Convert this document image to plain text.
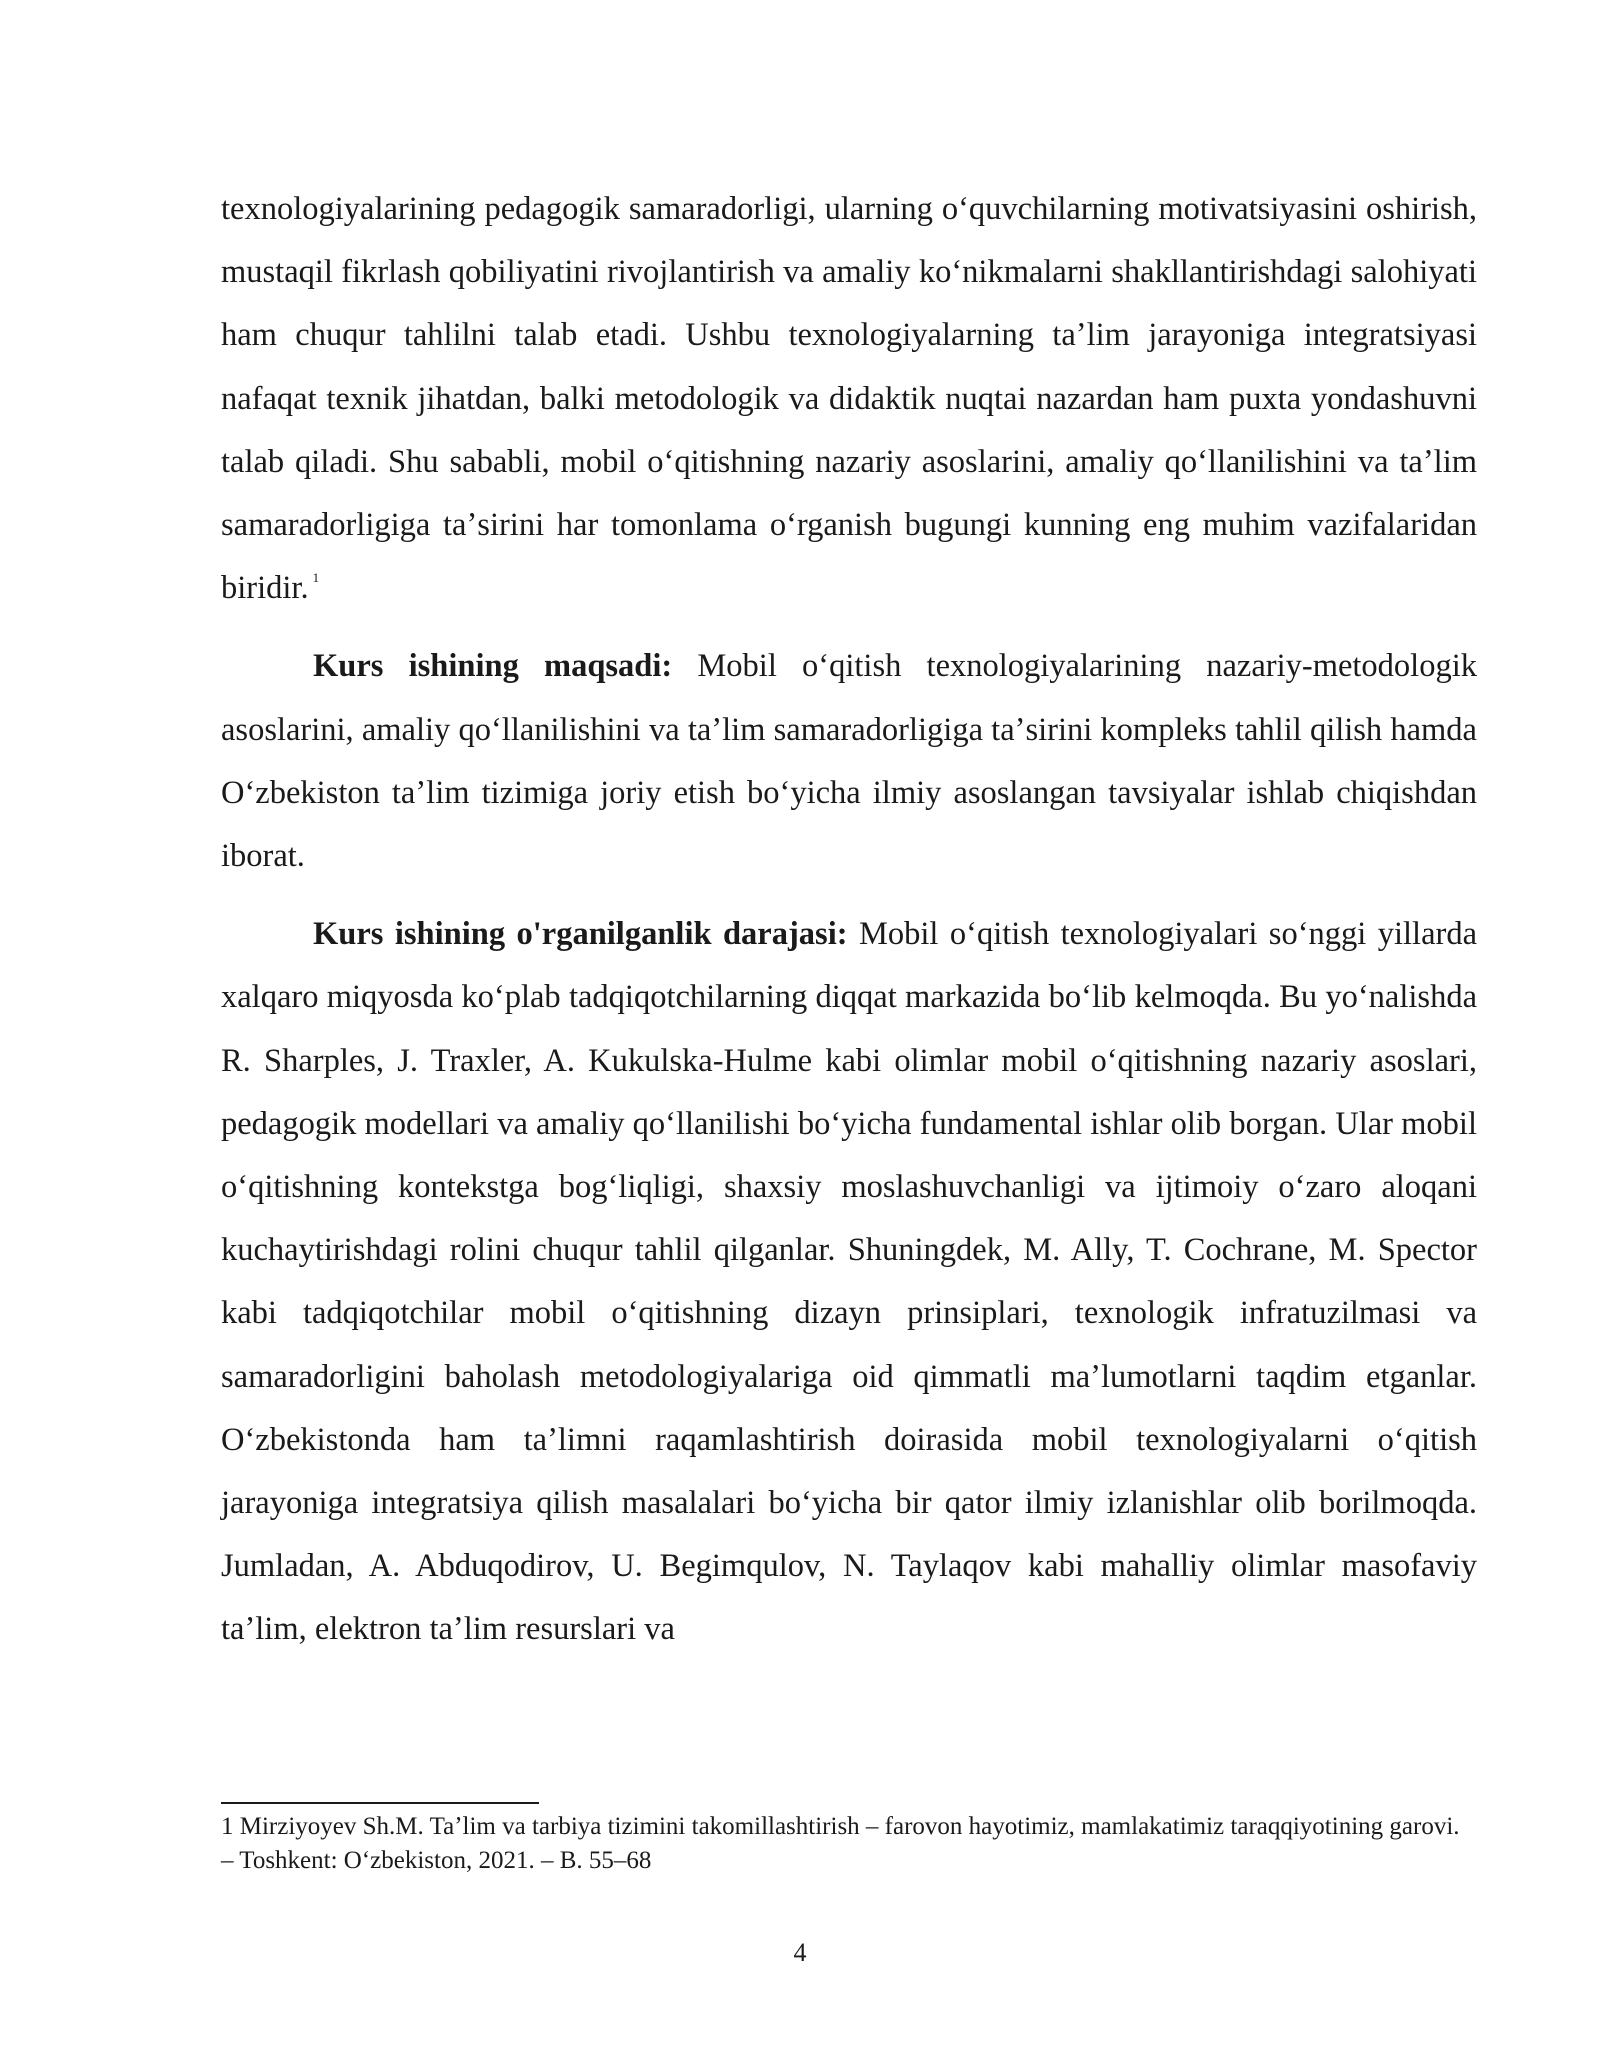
texnologiyalarining pedagogik samaradorligi, ularning oʻquvchilarning motivatsiyasini oshirish, mustaqil fikrlash qobiliyatini rivojlantirish va amaliy koʻnikmalarni shakllantirishdagi salohiyati ham chuqur tahlilni talab etadi. Ushbu texnologiyalarning taʼlim jarayoniga integratsiyasi nafaqat texnik jihatdan, balki metodologik va didaktik nuqtai nazardan ham puxta yondashuvni talab qiladi. Shu sababli, mobil oʻqitishning nazariy asoslarini, amaliy qoʻllanilishini va taʼlim samaradorligiga taʼsirini har tomonlama oʻrganish bugungi kunning eng muhim vazifalaridan biridir. $^1$

Kurs ishining maqsadi: Mobil oʻqitish texnologiyalarining nazariy-metodologik asoslarini, amaliy qoʻllanilishini va taʼlim samaradorligiga taʼsirini kompleks tahlil qilish hamda Oʻzbekiston taʼlim tizimiga joriy etish boʻyicha ilmiy asoslangan tavsiyalar ishlab chiqishdan iborat.

Kurs ishining o'rganilganlik darajasi: Mobil oʻqitish texnologiyalari soʻnggi yillarda xalqaro miqyosda koʻplab tadqiqotchilarning diqqat markazida boʻlib kelmoqda. Bu yoʻnalishda R. Sharples, J. Traxler, A. Kukulska-Hulme kabi olimlar mobil oʻqitishning nazariy asoslari, pedagogik modellari va amaliy qoʻllanilishi boʻyicha fundamental ishlar olib borgan. Ular mobil oʻqitishning kontekstga bogʻliqligi, shaxsiy moslashuvchanligi va ijtimoiy oʻzaro aloqani kuchaytirishdagi rolini chuqur tahlil qilganlar. Shuningdek, M. Ally, T. Cochrane, M. Spector kabi tadqiqotchilar mobil oʻqitishning dizayn prinsiplari, texnologik infratuzilmasi va samaradorligini baholash metodologiyalariga oid qimmatli maʼlumotlarni taqdim etganlar. Oʻzbekistonda ham taʼlimni raqamlashtirish doirasida mobil texnologiyalarni oʻqitish jarayoniga integratsiya qilish masalalari boʻyicha bir qator ilmiy izlanishlar olib borilmoqda. Jumladan, A. Abduqodirov, U. Begimqulov, N. Taylaqov kabi mahalliy olimlar masofaviy taʼlim, elektron taʼlim resurslari va

1 Mirziyoyev Sh.M. Taʼlim va tarbiya tizimini takomillashtirish – farovon hayotimiz, mamlakatimiz taraqqiyotining garovi. – Toshkent: Oʻzbekiston, 2021. – B. 55–68

4
